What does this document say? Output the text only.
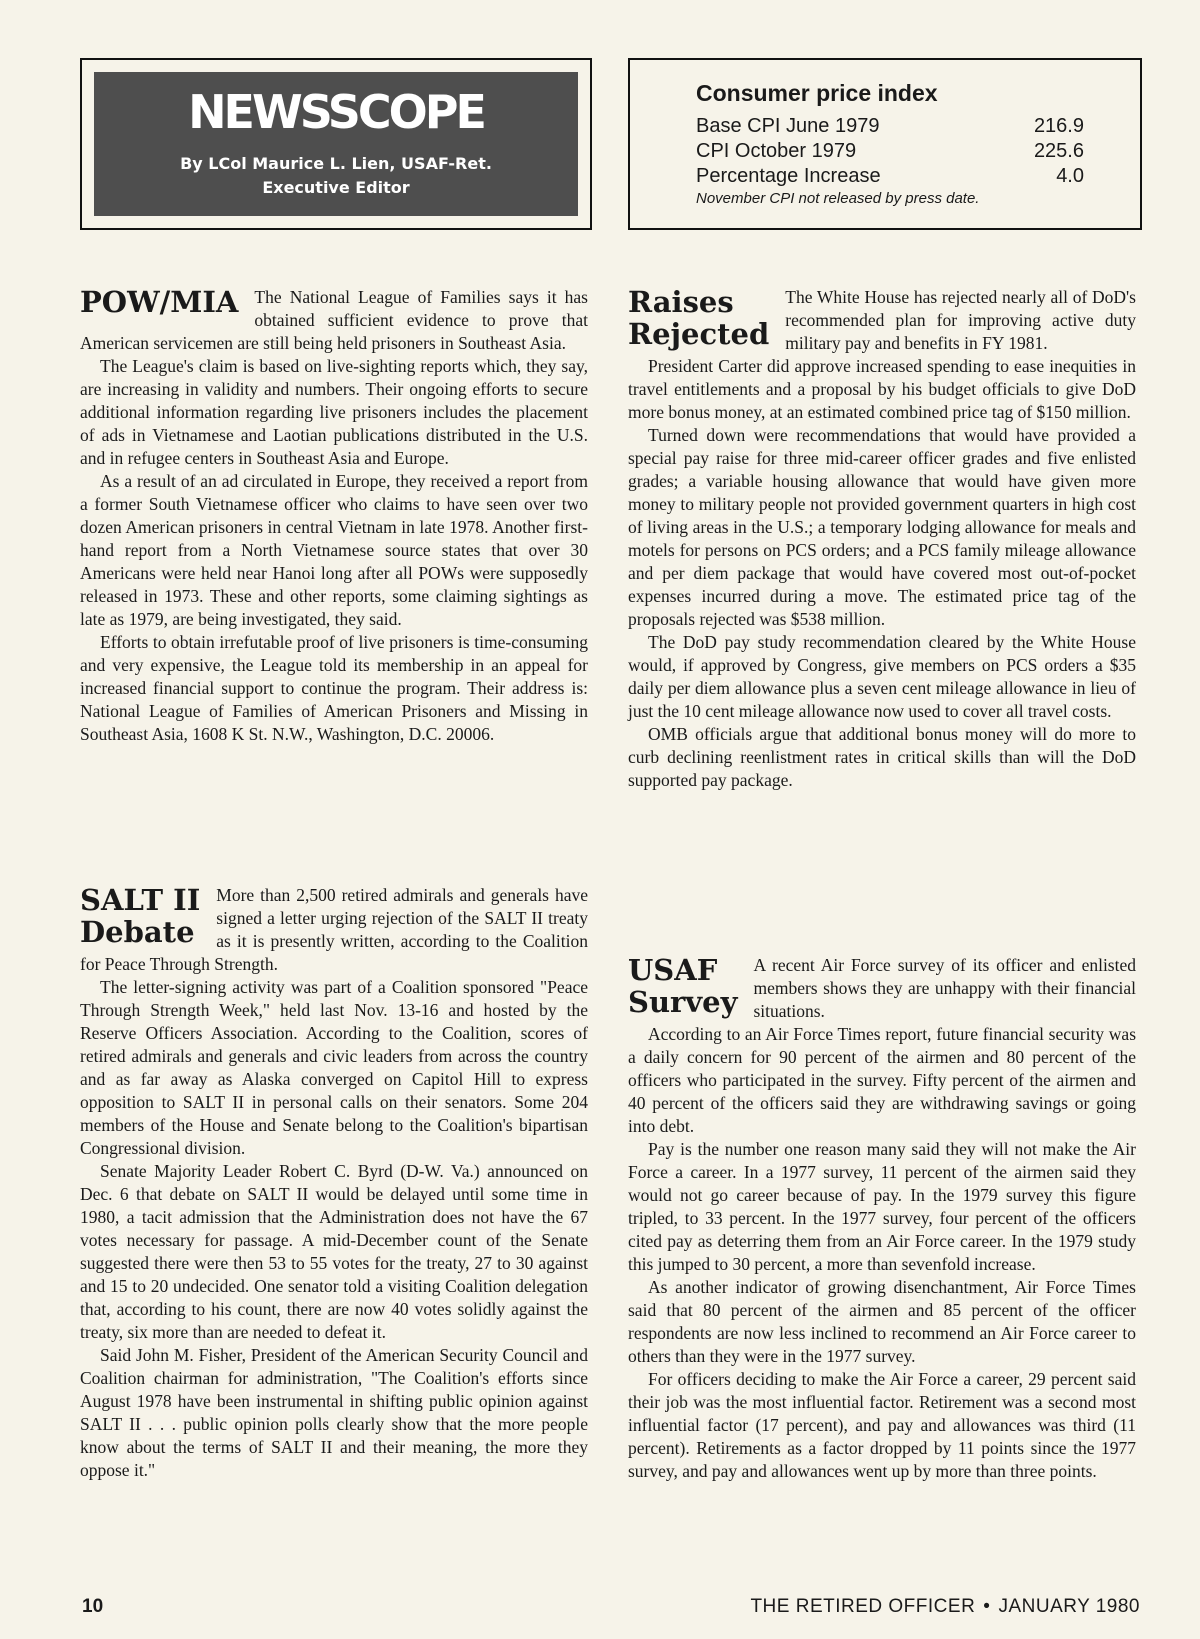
NEWSSCOPE
By LCol Maurice L. Lien, USAF-Ret.
Executive Editor
Consumer price index
Base CPI June 1979	216.9
CPI October 1979	225.6
Percentage Increase	4.0
November CPI not released by press date.
POW/MIA The National League of Families says it has obtained sufficient evidence to prove that American servicemen are still being held prisoners in Southeast Asia.

The League's claim is based on live-sighting reports which, they say, are increasing in validity and numbers. Their ongoing efforts to secure additional information regarding live prisoners includes the placement of ads in Vietnamese and Laotian publications distributed in the U.S. and in refugee centers in Southeast Asia and Europe.

As a result of an ad circulated in Europe, they received a report from a former South Vietnamese officer who claims to have seen over two dozen American prisoners in central Vietnam in late 1978. Another first-hand report from a North Vietnamese source states that over 30 Americans were held near Hanoi long after all POWs were supposedly released in 1973. These and other reports, some claiming sightings as late as 1979, are being investigated, they said.

Efforts to obtain irrefutable proof of live prisoners is time-consuming and very expensive, the League told its membership in an appeal for increased financial support to continue the program. Their address is: National League of Families of American Prisoners and Missing in Southeast Asia, 1608 K St. N.W., Washington, D.C. 20006.

SALT II
Debate

More than 2,500 retired admirals and generals have signed a letter urging rejection of the SALT II treaty as it is presently written, according to the Coalition for Peace Through Strength.

The letter-signing activity was part of a Coalition sponsored "Peace Through Strength Week," held last Nov. 13-16 and hosted by the Reserve Officers Association. According to the Coalition, scores of retired admirals and generals and civic leaders from across the country and as far away as Alaska converged on Capitol Hill to express opposition to SALT II in personal calls on their senators. Some 204 members of the House and Senate belong to the Coalition's bipartisan Congressional division.

Senate Majority Leader Robert C. Byrd (D-W. Va.) announced on Dec. 6 that debate on SALT II would be delayed until some time in 1980, a tacit admission that the Administration does not have the 67 votes necessary for passage. A mid-December count of the Senate suggested there were then 53 to 55 votes for the treaty, 27 to 30 against and 15 to 20 undecided. One senator told a visiting Coalition delegation that, according to his count, there are now 40 votes solidly against the treaty, six more than are needed to defeat it.

Said John M. Fisher, President of the American Security Council and Coalition chairman for administration, "The Coalition's efforts since August 1978 have been instrumental in shifting public opinion against SALT II . . . public opinion polls clearly show that the more people know about the terms of SALT II and their meaning, the more they oppose it."

Raises
Rejected

The White House has rejected nearly all of DoD's recommended plan for improving active duty military pay and benefits in FY 1981.

President Carter did approve increased spending to ease inequities in travel entitlements and a proposal by his budget officials to give DoD more bonus money, at an estimated combined price tag of $150 million.

Turned down were recommendations that would have provided a special pay raise for three mid-career officer grades and five enlisted grades; a variable housing allowance that would have given more money to military people not provided government quarters in high cost of living areas in the U.S.; a temporary lodging allowance for meals and motels for persons on PCS orders; and a PCS family mileage allowance and per diem package that would have covered most out-of-pocket expenses incurred during a move. The estimated price tag of the proposals rejected was $538 million.

The DoD pay study recommendation cleared by the White House would, if approved by Congress, give members on PCS orders a $35 daily per diem allowance plus a seven cent mileage allowance in lieu of just the 10 cent mileage allowance now used to cover all travel costs.

OMB officials argue that additional bonus money will do more to curb declining reenlistment rates in critical skills than will the DoD supported pay package.

USAF
Survey

A recent Air Force survey of its officer and enlisted members shows they are unhappy with their financial situations.

According to an Air Force Times report, future financial security was a daily concern for 90 percent of the airmen and 80 percent of the officers who participated in the survey. Fifty percent of the airmen and 40 percent of the officers said they are withdrawing savings or going into debt.

Pay is the number one reason many said they will not make the Air Force a career. In a 1977 survey, 11 percent of the airmen said they would not go career because of pay. In the 1979 survey this figure tripled, to 33 percent. In the 1977 survey, four percent of the officers cited pay as deterring them from an Air Force career. In the 1979 study this jumped to 30 percent, a more than sevenfold increase.

As another indicator of growing disenchantment, Air Force Times said that 80 percent of the airmen and 85 percent of the officer respondents are now less inclined to recommend an Air Force career to others than they were in the 1977 survey.

For officers deciding to make the Air Force a career, 29 percent said their job was the most influential factor. Retirement was a second most influential factor (17 percent), and pay and allowances was third (11 percent). Retirements as a factor dropped by 11 points since the 1977 survey, and pay and allowances went up by more than three points.

10	THE RETIRED OFFICER • JANUARY 1980
